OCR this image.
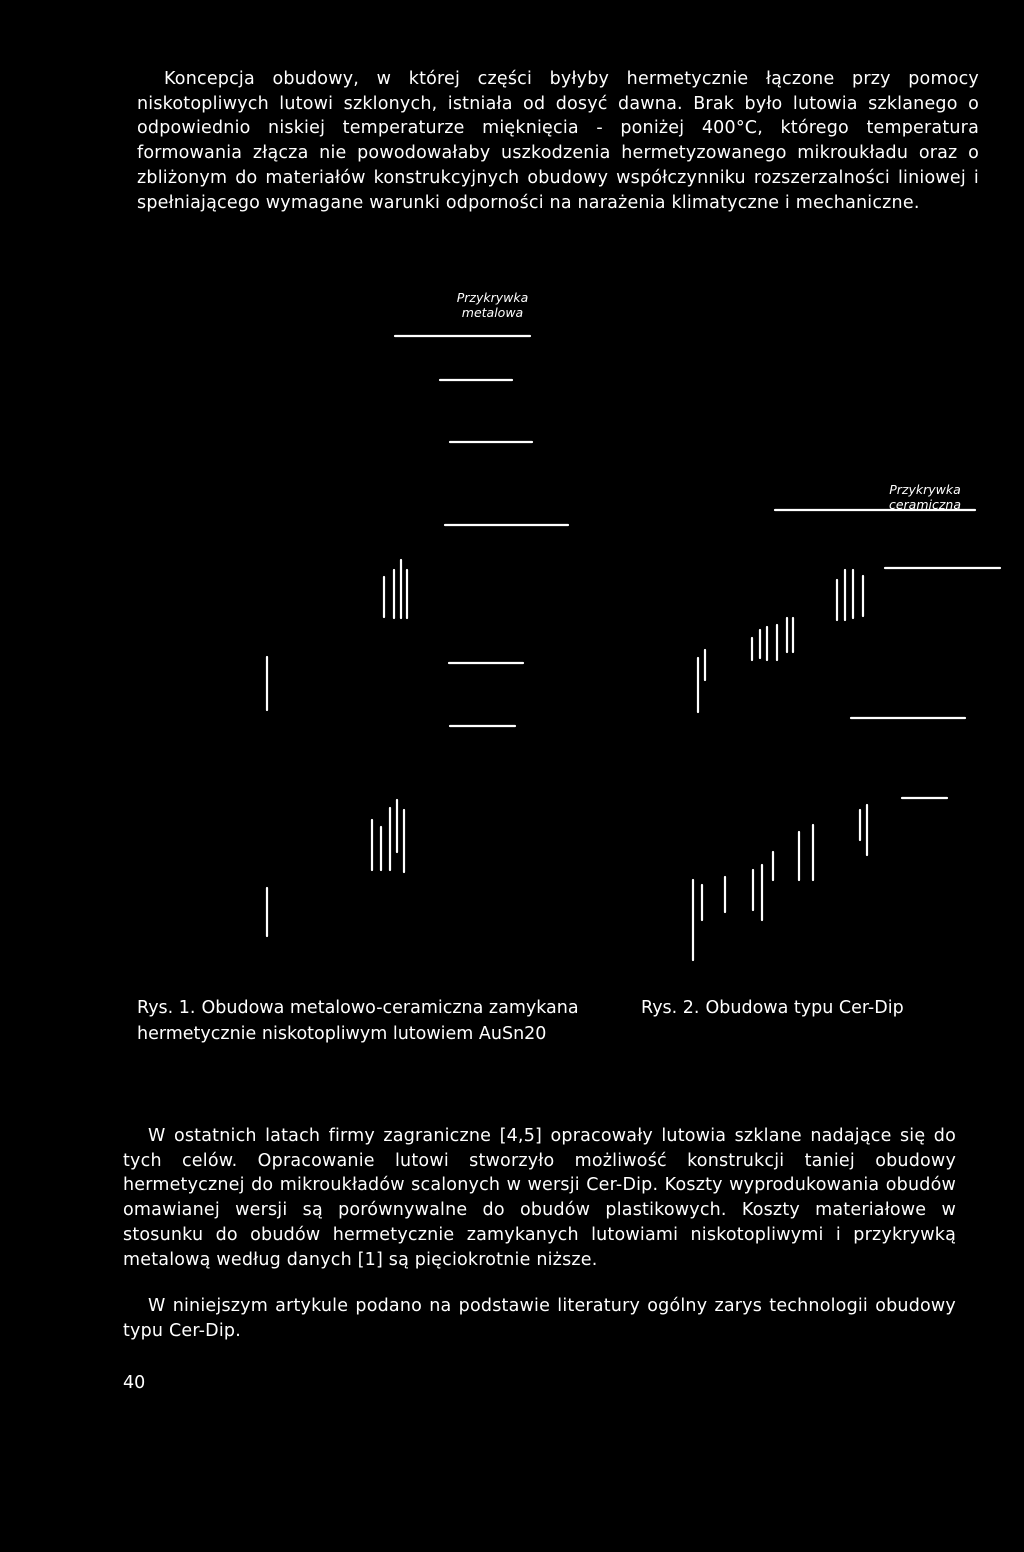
Koncepcja obudowy, w której części byłyby hermetycznie łączone przy pomocy niskotopliwych lutowi szklonych, istniała od dosyć dawna. Brak było lutowia szklanego o odpowiednio niskiej temperaturze mięknięcia - poniżej 400°C, którego temperatura formowania złącza nie powodowałaby uszkodzenia hermetyzowanego mikroukładu oraz o zbliżonym do materiałów konstrukcyjnych obudowy współczynniku rozszerzalności liniowej i spełniającego wymagane warunki odporności na narażenia klimatyczne i mechaniczne.

Przykrywka metalowa

Przykrywka ceramiczna

Rys. 1. Obudowa metalowo-ceramiczna zamykana hermetycznie niskotopliwym lutowiem AuSn20

Rys. 2. Obudowa typu Cer-Dip

W ostatnich latach firmy zagraniczne [4,5] opracowały lutowia szklane nadające się do tych celów. Opracowanie lutowi stworzyło możliwość konstrukcji taniej obudowy hermetycznej do mikroukładów scalonych w wersji Cer-Dip. Koszty wyprodukowania obudów omawianej wersji są porównywalne do obudów plastikowych. Koszty materiałowe w stosunku do obudów hermetycznie zamykanych lutowiami niskotopliwymi i przykrywką metalową według danych [1] są pięciokrotnie niższe.

W niniejszym artykule podano na podstawie literatury ogólny zarys technologii obudowy typu Cer-Dip.

40
